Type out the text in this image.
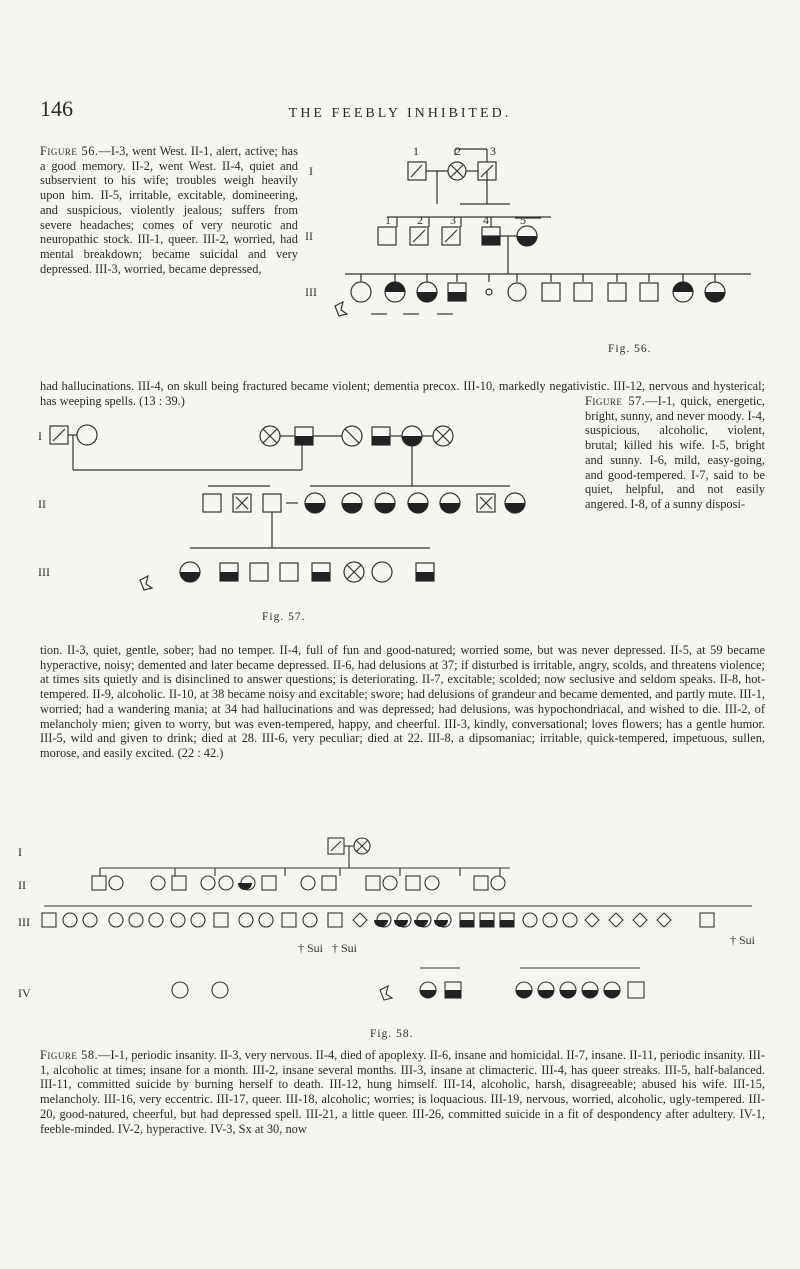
146	THE FEEBLY INHIBITED.
Figure 56.—I-3, went West. II-1, alert, active; has a good memory. II-2, went West. II-4, quiet and subservient to his wife; troubles weigh heavily upon him. II-5, irritable, excitable, domineering, and suspicious, violently jealous; suffers from severe headaches; comes of very neurotic and neuropathic stock. III-1, queer. III-2, worried, had mental breakdown; became suicidal and very depressed. III-3, worried, became depressed,
had hallucinations. III-4, on skull being fractured became violent; dementia precox. III-10, markedly negativistic. III-12, nervous and hysterical; has weeping spells. (13 : 39.)
I
II
III
1	2 3
1 2 3 4	5
Fig. 56.
I
II
III
Fig. 57.
Figure 57.—I-1, quick, energetic, bright, sunny, and never moody. I-4, suspicious, alcoholic, violent, brutal; killed his wife. I-5, bright and sunny. I-6, mild, easy-going, and good-tempered. I-7, said to be quiet, helpful, and not easily angered. I-8, of a sunny disposi-
tion. II-3, quiet, gentle, sober; had no temper. II-4, full of fun and good-natured; worried some, but was never depressed. II-5, at 59 became hyperactive, noisy; demented and later became depressed. II-6, had delusions at 37; if disturbed is irritable, angry, scolds, and threatens violence; at times sits quietly and is disinclined to answer questions; is deteriorating. II-7, excitable; scolded; now seclusive and seldom speaks. II-8, hot-tempered. II-9, alcoholic. II-10, at 38 became noisy and excitable; swore; had delusions of grandeur and became demented, and partly mute. III-1, worried; had a wandering mania; at 34 had hallucinations and was depressed; had delusions, was hypochondriacal, and wished to die. III-2, of melancholy mien; given to worry, but was even-tempered, happy, and cheerful. III-3, kindly, conversational; loves flowers; has a gentle humor. III-5, wild and given to drink; died at 28. III-6, very peculiar; died at 22. III-8, a dipsomaniac; irritable, quick-tempered, impetuous, sullen, morose, and easily excited. (22 : 42.)
† Sui † Sui
† Sui
I
II
III
IV
Fig. 58.
Figure 58.—I-1, periodic insanity. II-3, very nervous. II-4, died of apoplexy. II-6, insane and homicidal. II-7, insane. II-11, periodic insanity. III-1, alcoholic at times; insane for a month. III-2, insane several months. III-3, insane at climacteric. III-4, has queer streaks. III-5, half-balanced. III-11, committed suicide by burning herself to death. III-12, hung himself. III-14, alcoholic, harsh, disagreeable; abused his wife. III-15, melancholy. III-16, very eccentric. III-17, queer. III-18, alcoholic; worries; is loquacious. III-19, nervous, worried, alcoholic, ugly-tempered. III-20, good-natured, cheerful, but had depressed spell. III-21, a little queer. III-26, committed suicide in a fit of despondency after adultery. IV-1, feeble-minded. IV-2, hyperactive. IV-3, Sx at 30, now
